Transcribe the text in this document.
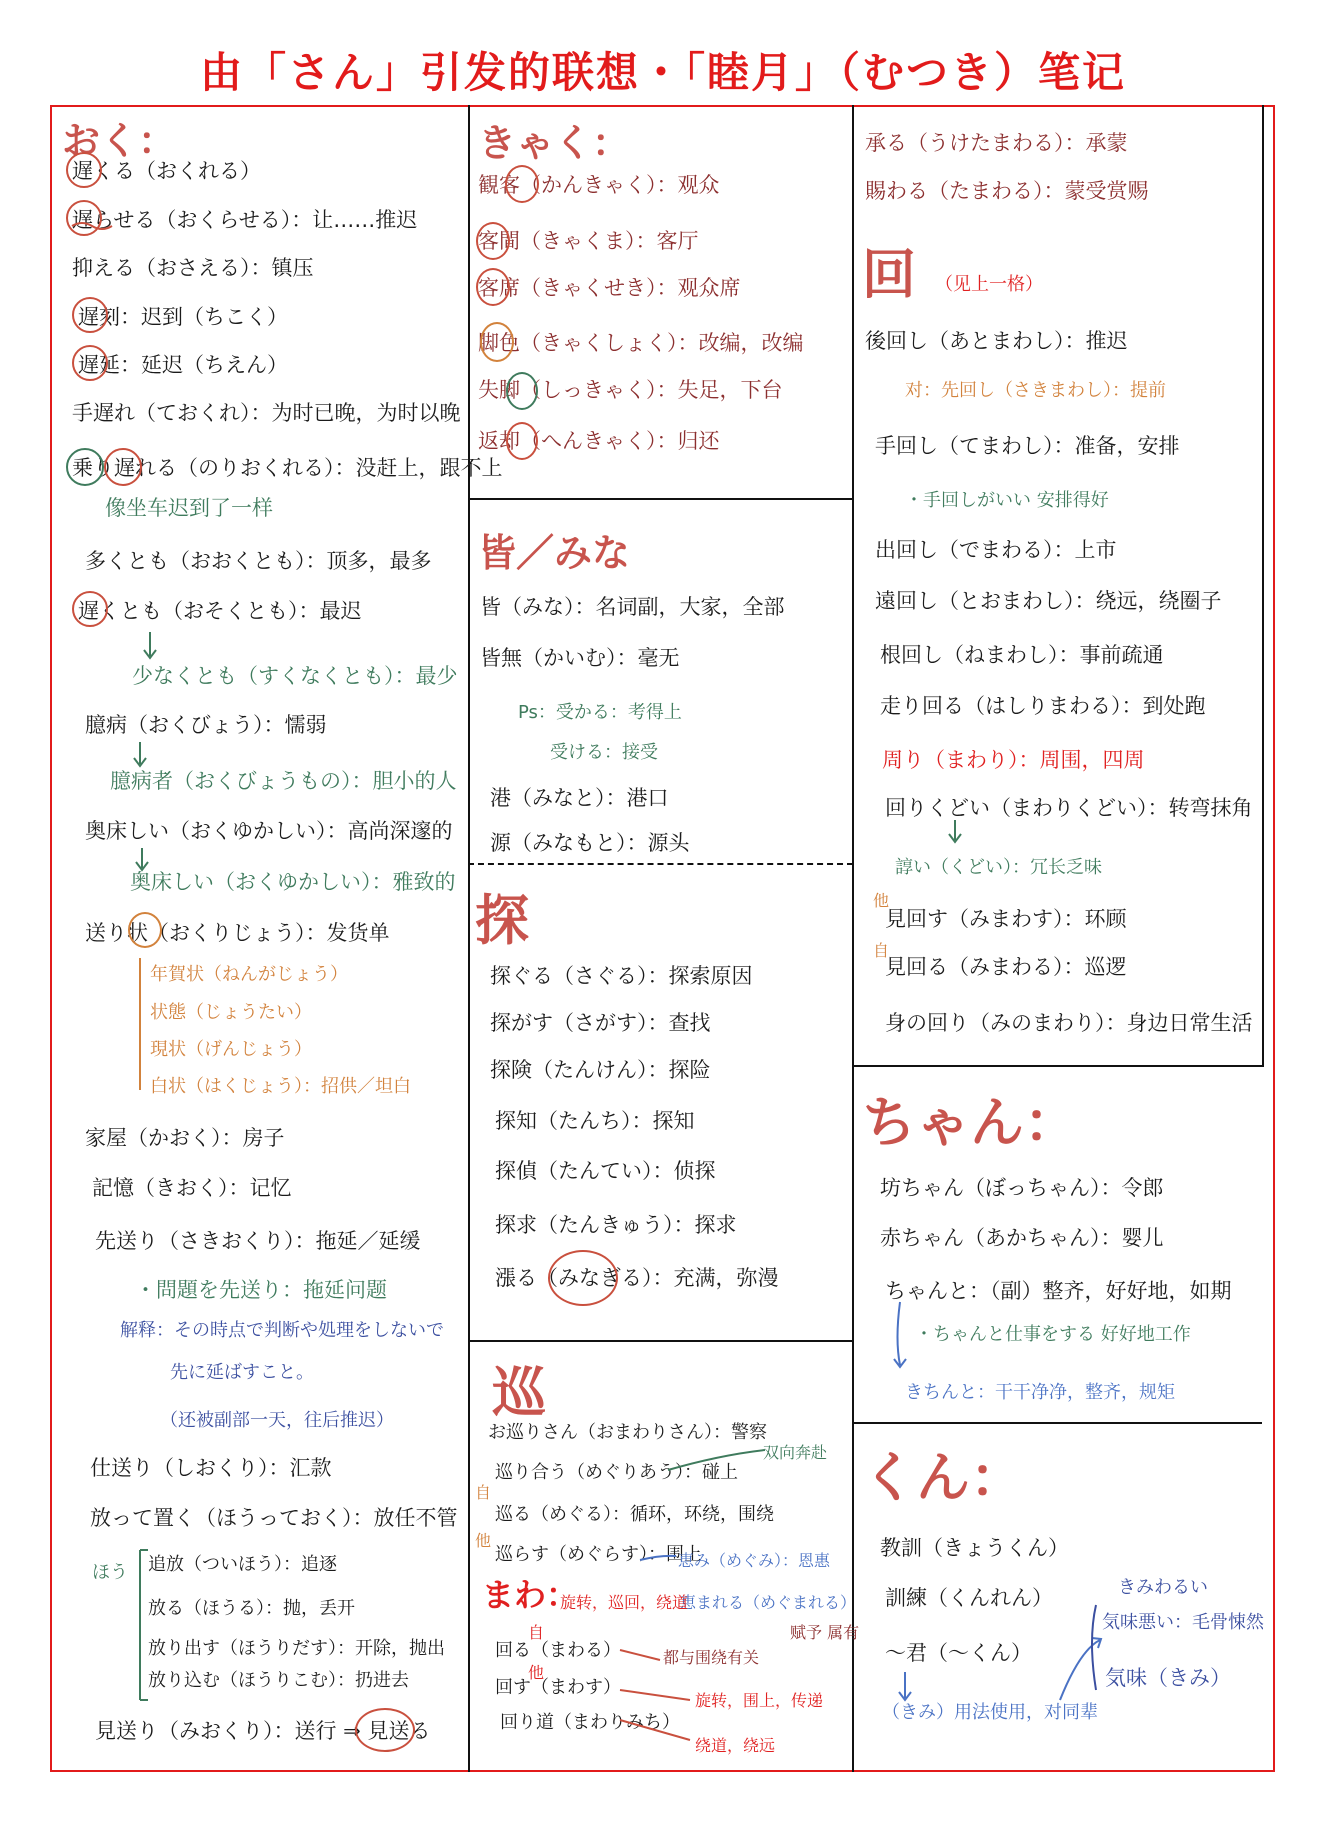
由「さん」引发的联想・「睦月」（むつき）笔记
おく：
遅くる（おくれる）
遅らせる（おくらせる）：让……推迟
抑える（おさえる）：镇压
遅刻：迟到（ちこく）
遅延：延迟（ちえん）
手遅れ（ておくれ）：为时已晚，为时以晚
乗り遅れる（のりおくれる）：没赶上，跟不上
像坐车迟到了一样
多くとも（おおくとも）：顶多，最多
遅くとも（おそくとも）：最迟
少なくとも（すくなくとも）：最少
臆病（おくびょう）：懦弱
臆病者（おくびょうもの）：胆小的人
奥床しい（おくゆかしい）：高尚深邃的
奥床しい（おくゆかしい）：雅致的
送り状（おくりじょう）：发货单
年賀状（ねんがじょう）
状態（じょうたい）
現状（げんじょう）
白状（はくじょう）：招供／坦白
家屋（かおく）：房子
記憶（きおく）：记忆
先送り（さきおくり）：拖延／延缓
・問題を先送り：拖延问题
解释：その時点で判断や処理をしないで
先に延ばすこと。
（还被副部一天，往后推迟）
仕送り（しおくり）：汇款
放って置く（ほうっておく）：放任不管
ほう 追放（ついほう）：追逐
放る（ほうる）：抛，丢开
放り出す（ほうりだす）：开除，抛出
放り込む（ほうりこむ）：扔进去
見送り（みおくり）：送行 ⇒ 見送る
きゃく：
観客（かんきゃく）：观众
客間（きゃくま）：客厅
客席（きゃくせき）：观众席
脚色（きゃくしょく）：改编，改编
失脚（しっきゃく）：失足，下台
返却（へんきゃく）：归还
皆／みな
皆（みな）：名词副，大家，全部
皆無（かいむ）：毫无
Ps：受かる：考得上
受ける：接受
港（みなと）：港口
源（みなもと）：源头
探
探ぐる（さぐる）：探索原因
探がす（さがす）：查找
探険（たんけん）：探险
探知（たんち）：探知
探偵（たんてい）：侦探
探求（たんきゅう）：探求
漲る（みなぎる）：充满，弥漫
巡
お巡りさん（おまわりさん）：警察
巡り合う（めぐりあう）：碰上
双向奔赴
巡る（めぐる）：循环，环绕，围绕
巡らす（めぐらす）：围上
恵み（めぐみ）：恩惠
恵まれる（めぐまれる）
まわ：
旋转，巡回，绕道
回る（まわる）
回す（まわす）
回り道（まわりみち）
都与围绕有关
赋予 属有
旋转，围上，传递
绕道，绕远
自
他
自
他
承る（うけたまわる）：承蒙
賜わる（たまわる）：蒙受赏赐
回 （见上一格）
後回し（あとまわし）：推迟
对：先回し（さきまわし）：提前
手回し（てまわし）：准备，安排
・手回しがいい 安排得好
出回し（でまわる）：上市
遠回し（とおまわし）：绕远，绕圈子
根回し（ねまわし）：事前疏通
走り回る（はしりまわる）：到处跑
周り（まわり）：周围，四周
回りくどい（まわりくどい）：转弯抹角
諄い（くどい）：冗长乏味
見回す（みまわす）：环顾
見回る（みまわる）：巡逻
身の回り（みのまわり）：身边日常生活
他
自
ちゃん：
坊ちゃん（ぼっちゃん）：令郎
赤ちゃん（あかちゃん）：婴儿
ちゃんと：（副）整齐，好好地，如期
・ちゃんと仕事をする 好好地工作
きちんと：干干净净，整齐，规矩
くん：
教訓（きょうくん）
訓練（くんれん）
～君（～くん）
（きみ）用法使用，对同辈
きみわるい
気味悪い：毛骨悚然
気味（きみ）
